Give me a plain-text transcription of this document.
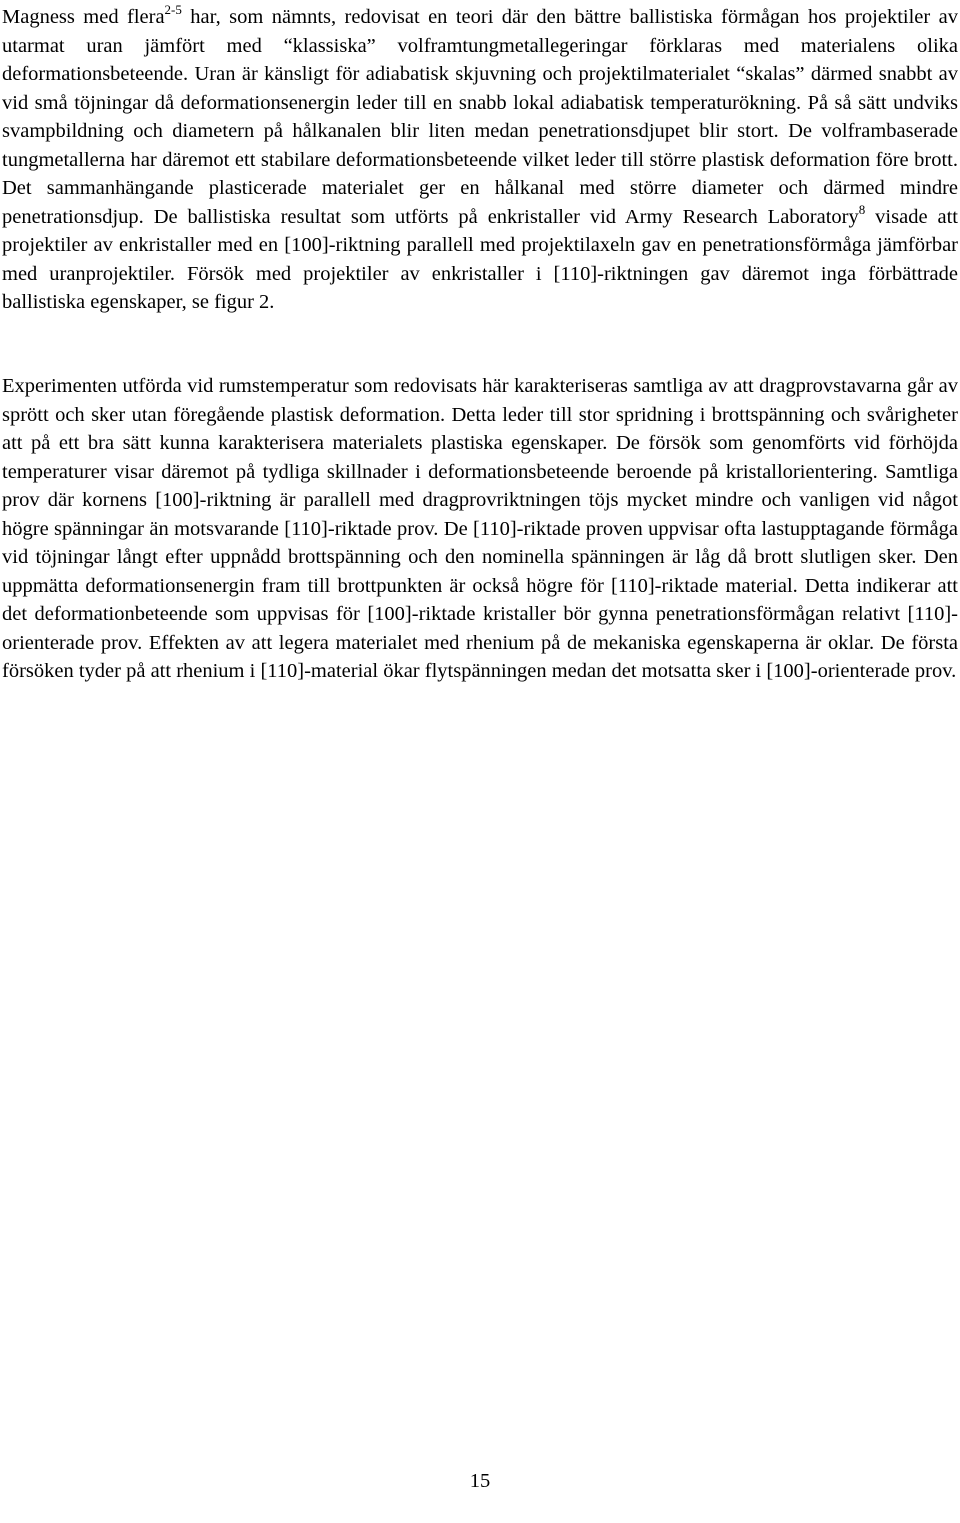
Magness med flera$^{2-5}$ har, som nämnts, redovisat en teori där den bättre ballistiska förmågan hos projektiler av utarmat uran jämfört med “klassiska” volframtungmetallegeringar förklaras med materialens olika deformationsbeteende. Uran är känsligt för adiabatisk skjuvning och projektilmaterialet “skalas” därmed snabbt av vid små töjningar då deformationsenergin leder till en snabb lokal adiabatisk temperaturökning. På så sätt undviks svampbildning och diametern på hålkanalen blir liten medan penetrationsdjupet blir stort. De volframbaserade tungmetallerna har däremot ett stabilare deformationsbeteende vilket leder till större plastisk deformation före brott. Det sammanhängande plasticerade materialet ger en hålkanal med större diameter och därmed mindre penetrationsdjup. De ballistiska resultat som utförts på enkristaller vid Army Research Laboratory$^8$ visade att projektiler av enkristaller med en [100]-riktning parallell med projektilaxeln gav en penetrationsförmåga jämförbar med uranprojektiler. Försök med projektiler av enkristaller i [110]-riktningen gav däremot inga förbättrade ballistiska egenskaper, se figur 2.

Experimenten utförda vid rumstemperatur som redovisats här karakteriseras samtliga av att dragprovstavarna går av sprött och sker utan föregående plastisk deformation. Detta leder till stor spridning i brottspänning och svårigheter att på ett bra sätt kunna karakterisera materialets plastiska egenskaper. De försök som genomförts vid förhöjda temperaturer visar däremot på tydliga skillnader i deformationsbeteende beroende på kristallorientering. Samtliga prov där kornens [100]-riktning är parallell med dragprovriktningen töjs mycket mindre och vanligen vid något högre spänningar än motsvarande [110]-riktade prov. De [110]-riktade proven uppvisar ofta lastupptagande förmåga vid töjningar långt efter uppnådd brottspänning och den nominella spänningen är låg då brott slutligen sker. Den uppmätta deformationsenergin fram till brottpunkten är också högre för [110]-riktade material. Detta indikerar att det deformationbeteende som uppvisas för [100]-riktade kristaller bör gynna penetrationsförmågan relativt [110]-orienterade prov. Effekten av att legera materialet med rhenium på de mekaniska egenskaperna är oklar. De första försöken tyder på att rhenium i [110]-material ökar flytspänningen medan det motsatta sker i [100]-orienterade prov.

15
